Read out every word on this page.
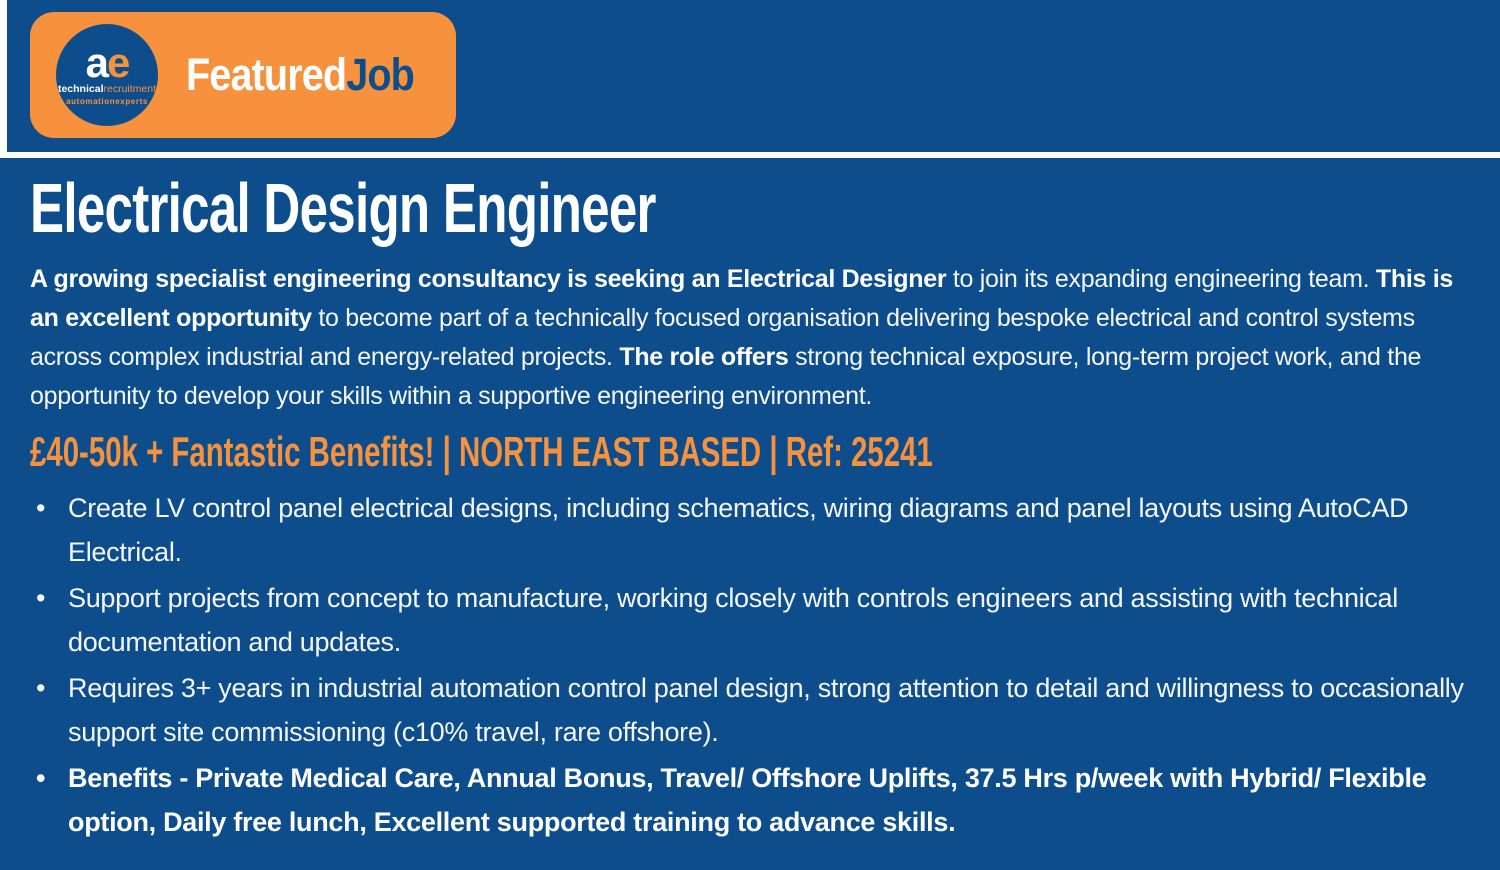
ae
technicalrecruitment
automationexperts
FeaturedJob
Electrical Design Engineer

A growing specialist engineering consultancy is seeking an Electrical Designer to join its expanding engineering team. This is an excellent opportunity to become part of a technically focused organisation delivering bespoke electrical and control systems across complex industrial and energy-related projects. The role offers strong technical exposure, long-term project work, and the opportunity to develop your skills within a supportive engineering environment.

£40-50k + Fantastic Benefits! | NORTH EAST BASED | Ref: 25241
• Create LV control panel electrical designs, including schematics, wiring diagrams and panel layouts using AutoCAD Electrical.
• Support projects from concept to manufacture, working closely with controls engineers and assisting with technical documentation and updates.
• Requires 3+ years in industrial automation control panel design, strong attention to detail and willingness to occasionally support site commissioning (c10% travel, rare offshore).
• Benefits - Private Medical Care, Annual Bonus, Travel/ Offshore Uplifts, 37.5 Hrs p/week with Hybrid/ Flexible option, Daily free lunch, Excellent supported training to advance skills.
